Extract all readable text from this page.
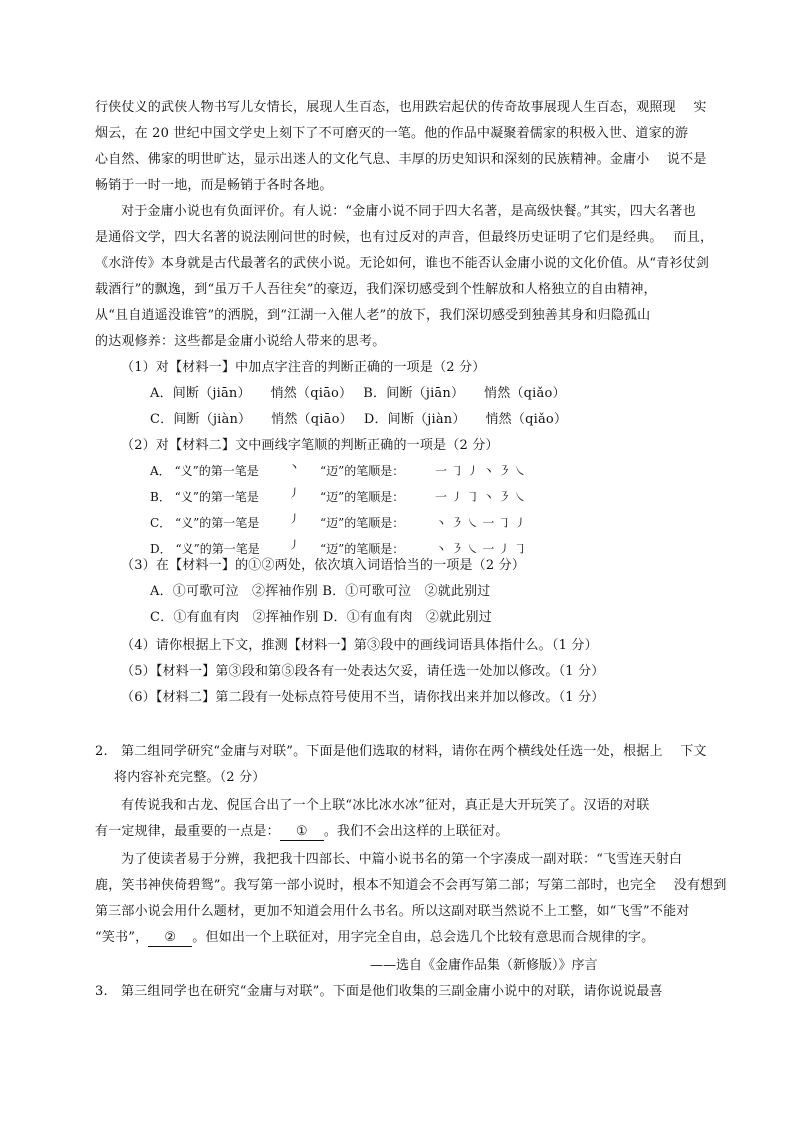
行侠仗义的武侠人物书写儿女情长，展现人生百态，也用跌宕起伏的传奇故事展现人生百态，观照现　 实
烟云，在 20 世纪中国文学史上刻下了不可磨灭的一笔。他的作品中凝聚着儒家的积极入世、道家的游
心自然、佛家的明世旷达，显示出迷人的文化气息、丰厚的历史知识和深刻的民族精神。金庸小　 说不是
畅销于一时一地，而是畅销于各时各地。
对于金庸小说也有负面评价。有人说：“金庸小说不同于四大名著，是高级快餐。”其实，四大名著也
是通俗文学，四大名著的说法刚问世的时候，也有过反对的声音，但最终历史证明了它们是经典。　 而且，
《水浒传》本身就是古代最著名的武侠小说。无论如何，谁也不能否认金庸小说的文化价值。从“青衫仗剑
载酒行”的飘逸，到“虽万千人吾往矣”的豪迈，我们深切感受到个性解放和人格独立的自由精神，
从“且自逍遥没谁管”的洒脱，到“江湖一入催人老”的放下，我们深切感受到独善其身和归隐孤山
的达观修养：这些都是金庸小说给人带来的思考。
（1）对【材料一】中加点字注音的判断正确的一项是（2 分）
A．间断（jiān）　　悄然（qiāo）　 B．间断（jiān）　　悄然（qiǎo）
C．间断（jiàn）　　悄然（qiāo）　 D．间断（jiàn）　　悄然（qiǎo）
（2）对【材料二】文中画线字笔顺的判断正确的一项是（2 分）
A． “义”的第一笔是 丶 “迈”的笔顺是：	一 ㇆ ㇓ 丶 ㇋ ㇏
B． “义”的第一笔是 ㇓ “迈”的笔顺是：	一 ㇓ ㇆ 丶 ㇋ ㇏
C． “义”的第一笔是 ㇓ “迈”的笔顺是：	丶 ㇋ ㇏ 一 ㇆ ㇓
D． “义”的第一笔是 ㇓ “迈”的笔顺是：	丶 ㇋ ㇏ 一 ㇓ ㇆
（3）在【材料一】的①②两处，依次填入词语恰当的一项是（2 分）
A．①可歌可泣　②挥袖作别 B．①可歌可泣　②就此别过
C．①有血有肉　②挥袖作别 D．①有血有肉　②就此别过
（4）请你根据上下文，推测【材料一】第③段中的画线词语具体指什么。（1 分）
（5）【材料一】第③段和第⑤段各有一处表达欠妥，请任选一处加以修改。（1 分）
（6）【材料二】第二段有一处标点符号使用不当，请你找出来并加以修改。（1 分）
2.　第二组同学研究“金庸与对联”。下面是他们选取的材料，请你在两个横线处任选一处，根据上　 下文
将内容补充完整。（2 分）
有传说我和古龙、倪匡合出了一个上联“冰比冰水冰”征对，真正是大开玩笑了。汉语的对联
有一定规律，最重要的一点是： ① 。我们不会出这样的上联征对。
为了使读者易于分辨，我把我十四部长、中篇小说书名的第一个字凑成一副对联：“飞雪连天射白
鹿，笑书神侠倚碧鸳”。我写第一部小说时，根本不知道会不会再写第二部；写第二部时，也完全　 没有想到
第三部小说会用什么题材，更加不知道会用什么书名。所以这副对联当然说不上工整，如“飞雪”不能对
“笑书”， ② 。但如出一个上联征对，用字完全自由，总会选几个比较有意思而合规律的字。
——选自《金庸作品集（新修版）》序言
3.　第三组同学也在研究“金庸与对联”。下面是他们收集的三副金庸小说中的对联，请你说说最喜
